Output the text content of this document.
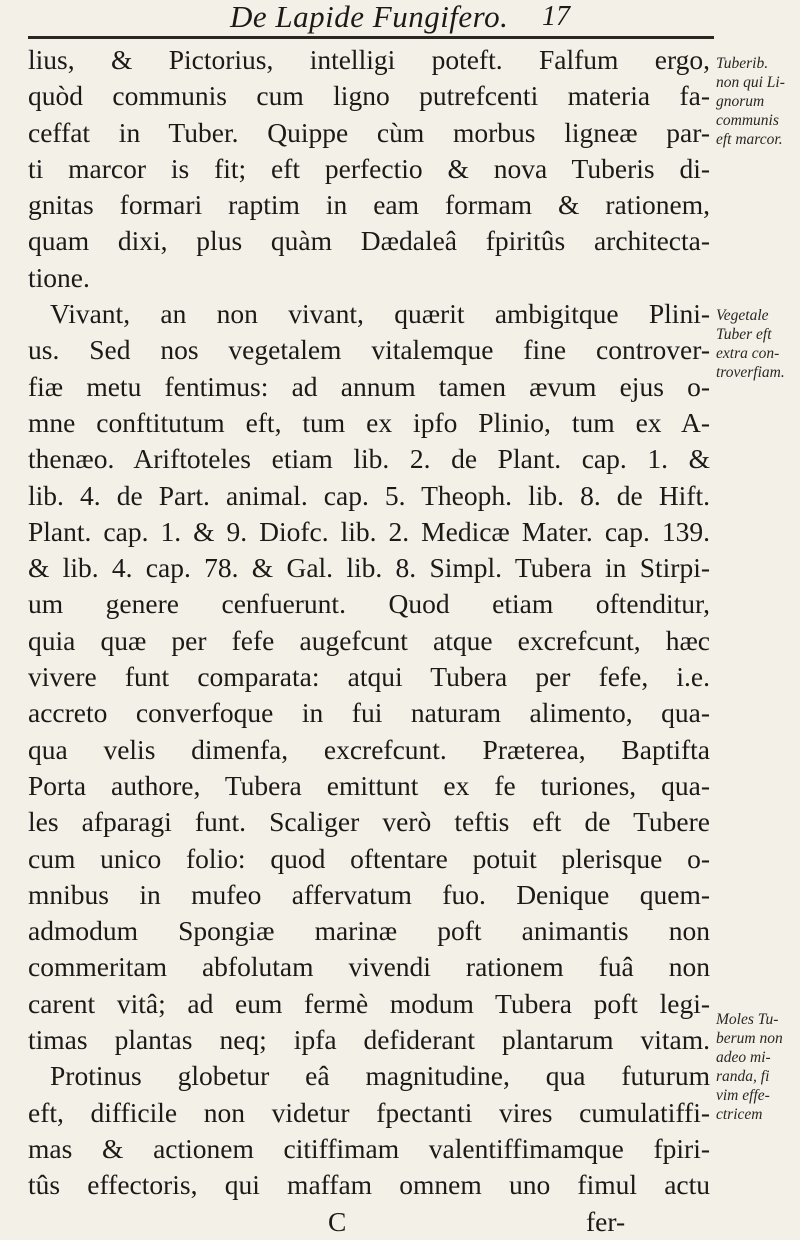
De Lapide Fungifero. 17
lius, & Pictorius, intelligi poteft. Falfum ergo,
quòd communis cum ligno putrefcenti materia fa-
ceffat in Tuber. Quippe cùm morbus ligneæ par-
ti marcor is fit; eft perfectio & nova Tuberis di-
gnitas formari raptim in eam formam & rationem,
quam dixi, plus quàm Dædaleâ fpiritûs architecta-
tione.
Vivant, an non vivant, quærit ambigitque Plini-
us. Sed nos vegetalem vitalemque fine controver-
fiæ metu fentimus: ad annum tamen ævum ejus o-
mne conftitutum eft, tum ex ipfo Plinio, tum ex A-
thenæo. Ariftoteles etiam lib. 2. de Plant. cap. 1. &
lib. 4. de Part. animal. cap. 5. Theoph. lib. 8. de Hift.
Plant. cap. 1. & 9. Diofc. lib. 2. Medicæ Mater. cap. 139.
& lib. 4. cap. 78. & Gal. lib. 8. Simpl. Tubera in Stirpi-
um genere cenfuerunt. Quod etiam oftenditur,
quia quæ per fefe augefcunt atque excrefcunt, hæc
vivere funt comparata: atqui Tubera per fefe, i.e.
accreto converfoque in fui naturam alimento, qua-
qua velis dimenfa, excrefcunt. Præterea, Baptifta
Porta authore, Tubera emittunt ex fe turiones, qua-
les afparagi funt. Scaliger verò teftis eft de Tubere
cum unico folio: quod oftentare potuit plerisque o-
mnibus in mufeo affervatum fuo. Denique quem-
admodum Spongiæ marinæ poft animantis non
commeritam abfolutam vivendi rationem fuâ non
carent vitâ; ad eum fermè modum Tubera poft legi-
timas plantas neq; ipfa defiderant plantarum vitam.
Protinus globetur eâ magnitudine, qua futurum
eft, difficile non videtur fpectanti vires cumulatiffi-
mas & actionem citiffimam valentiffimamque fpiri-
tûs effectoris, qui maffam omnem uno fimul actu
C	fer-
Tuberib.
non qui Li-
gnorum
communis
eft marcor.
Vegetale
Tuber eft
extra con-
troverfiam.
Moles Tu-
berum non
adeo mi-
randa, fi
vim effe-
ctricem
